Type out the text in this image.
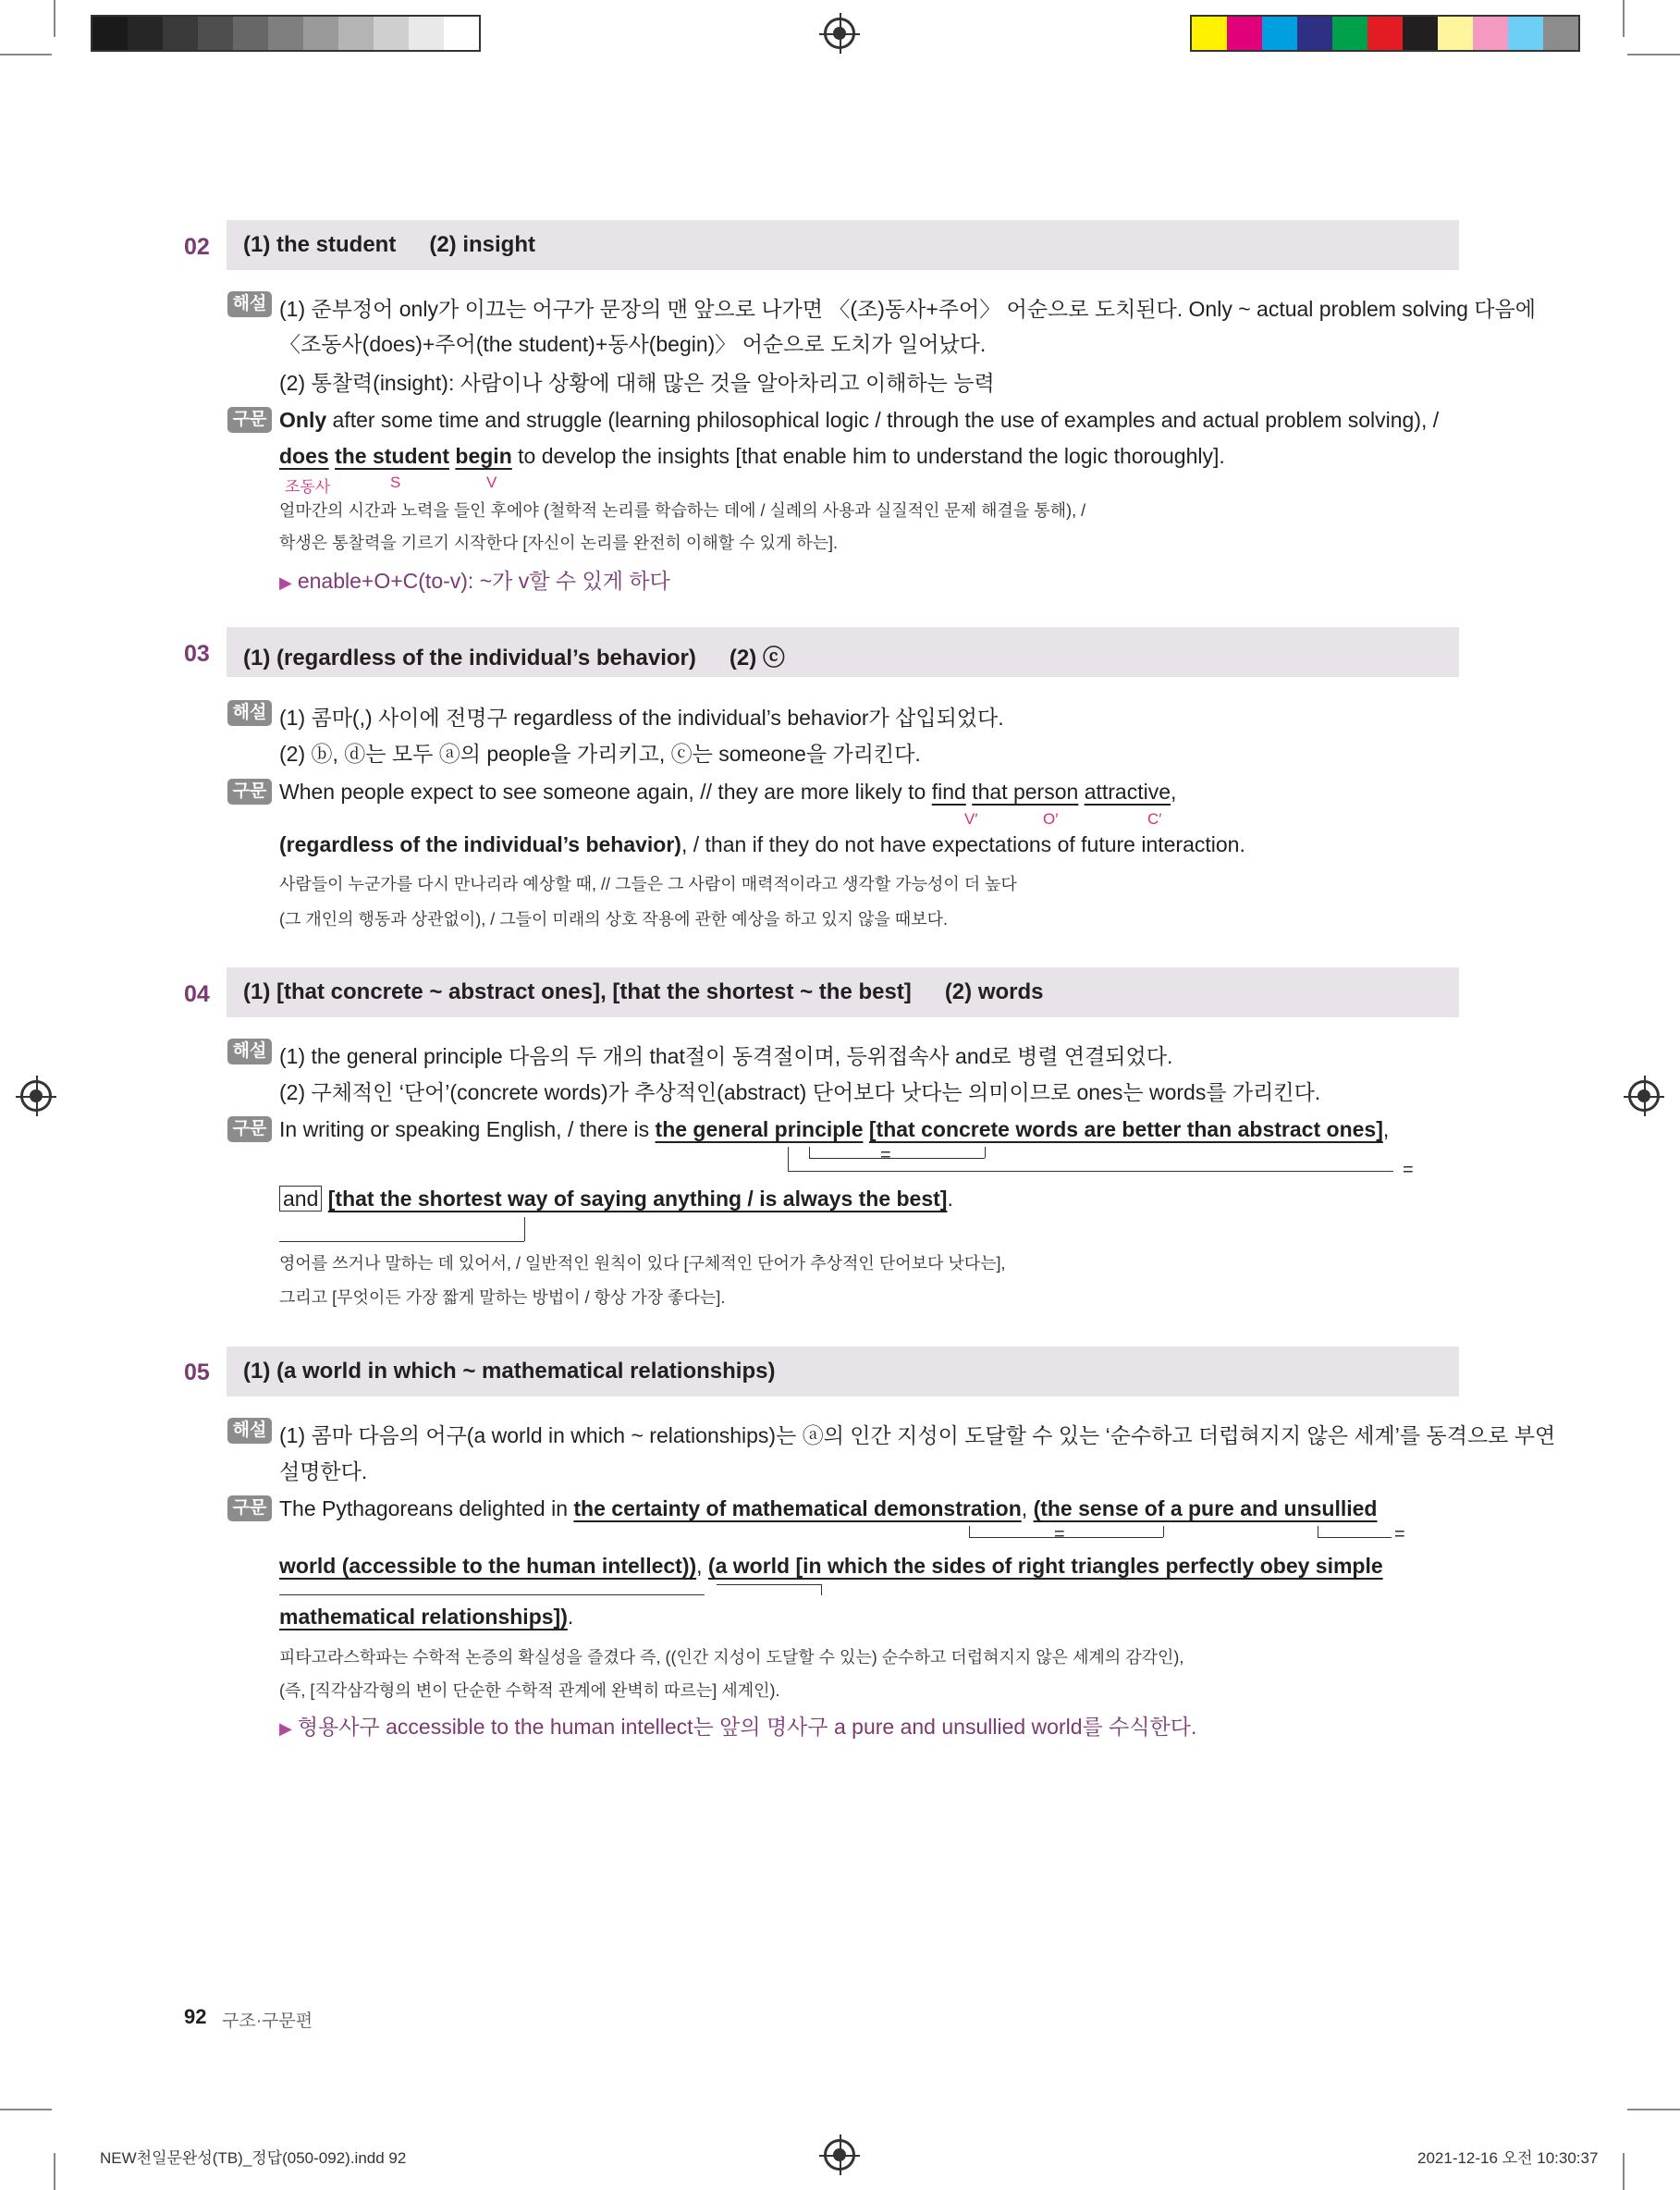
02 (1) the student (2) insight
해설 (1) 준부정어 only가 이끄는 어구가 문장의 맨 앞으로 나가면 〈(조)동사+주어〉 어순으로 도치된다. Only ~ actual problem solving 다음에
〈조동사(does)+주어(the student)+동사(begin)〉 어순으로 도치가 일어났다.
(2) 통찰력(insight): 사람이나 상황에 대해 많은 것을 알아차리고 이해하는 능력
구문 Only after some time and struggle (learning philosophical logic / through the use of examples and actual problem solving), /
does the student begin to develop the insights [that enable him to understand the logic thoroughly].
조동사	S	V
얼마간의 시간과 노력을 들인 후에야 (철학적 논리를 학습하는 데에 / 실례의 사용과 실질적인 문제 해결을 통해), /
학생은 통찰력을 기르기 시작한다 [자신이 논리를 완전히 이해할 수 있게 하는].
▶ enable+O+C(to-v): ~가 v할 수 있게 하다
03 (1) (regardless of the individual’s behavior) (2) ⓒ
해설 (1) 콤마(,) 사이에 전명구 regardless of the individual’s behavior가 삽입되었다.
(2) ⓑ, ⓓ는 모두 ⓐ의 people을 가리키고, ⓒ는 someone을 가리킨다.
구문 When people expect to see someone again, // they are more likely to find that person attractive,
V′	O′	C′
(regardless of the individual’s behavior), / than if they do not have expectations of future interaction.
사람들이 누군가를 다시 만나리라 예상할 때, // 그들은 그 사람이 매력적이라고 생각할 가능성이 더 높다
(그 개인의 행동과 상관없이), / 그들이 미래의 상호 작용에 관한 예상을 하고 있지 않을 때보다.
04 (1) [that concrete ~ abstract ones], [that the shortest ~ the best] (2) words
해설 (1) the general principle 다음의 두 개의 that절이 동격절이며, 등위접속사 and로 병렬 연결되었다.
(2) 구체적인 ‘단어’(concrete words)가 추상적인(abstract) 단어보다 낫다는 의미이므로 ones는 words를 가리킨다.
구문 In writing or speaking English, / there is the general principle [that concrete words are better than abstract ones],
=
=
and [that the shortest way of saying anything / is always the best].
영어를 쓰거나 말하는 데 있어서, / 일반적인 원칙이 있다 [구체적인 단어가 추상적인 단어보다 낫다는],
그리고 [무엇이든 가장 짧게 말하는 방법이 / 항상 가장 좋다는].
05 (1) (a world in which ~ mathematical relationships)
해설 (1) 콤마 다음의 어구(a world in which ~ relationships)는 ⓐ의 인간 지성이 도달할 수 있는 ‘순수하고 더럽혀지지 않은 세계’를 동격으로 부연
설명한다.
구문 The Pythagoreans delighted in the certainty of mathematical demonstration, (the sense of a pure and unsullied
=	=
world (accessible to the human intellect)), (a world [in which the sides of right triangles perfectly obey simple
mathematical relationships]).
피타고라스학파는 수학적 논증의 확실성을 즐겼다 즉, ((인간 지성이 도달할 수 있는) 순수하고 더럽혀지지 않은 세계의 감각인),
(즉, [직각삼각형의 변이 단순한 수학적 관계에 완벽히 따르는] 세계인).
▶ 형용사구 accessible to the human intellect는 앞의 명사구 a pure and unsullied world를 수식한다.
92 구조·구문편
NEW천일문완성(TB)_정답(050-092).indd 92	2021-12-16 오전 10:30:37
